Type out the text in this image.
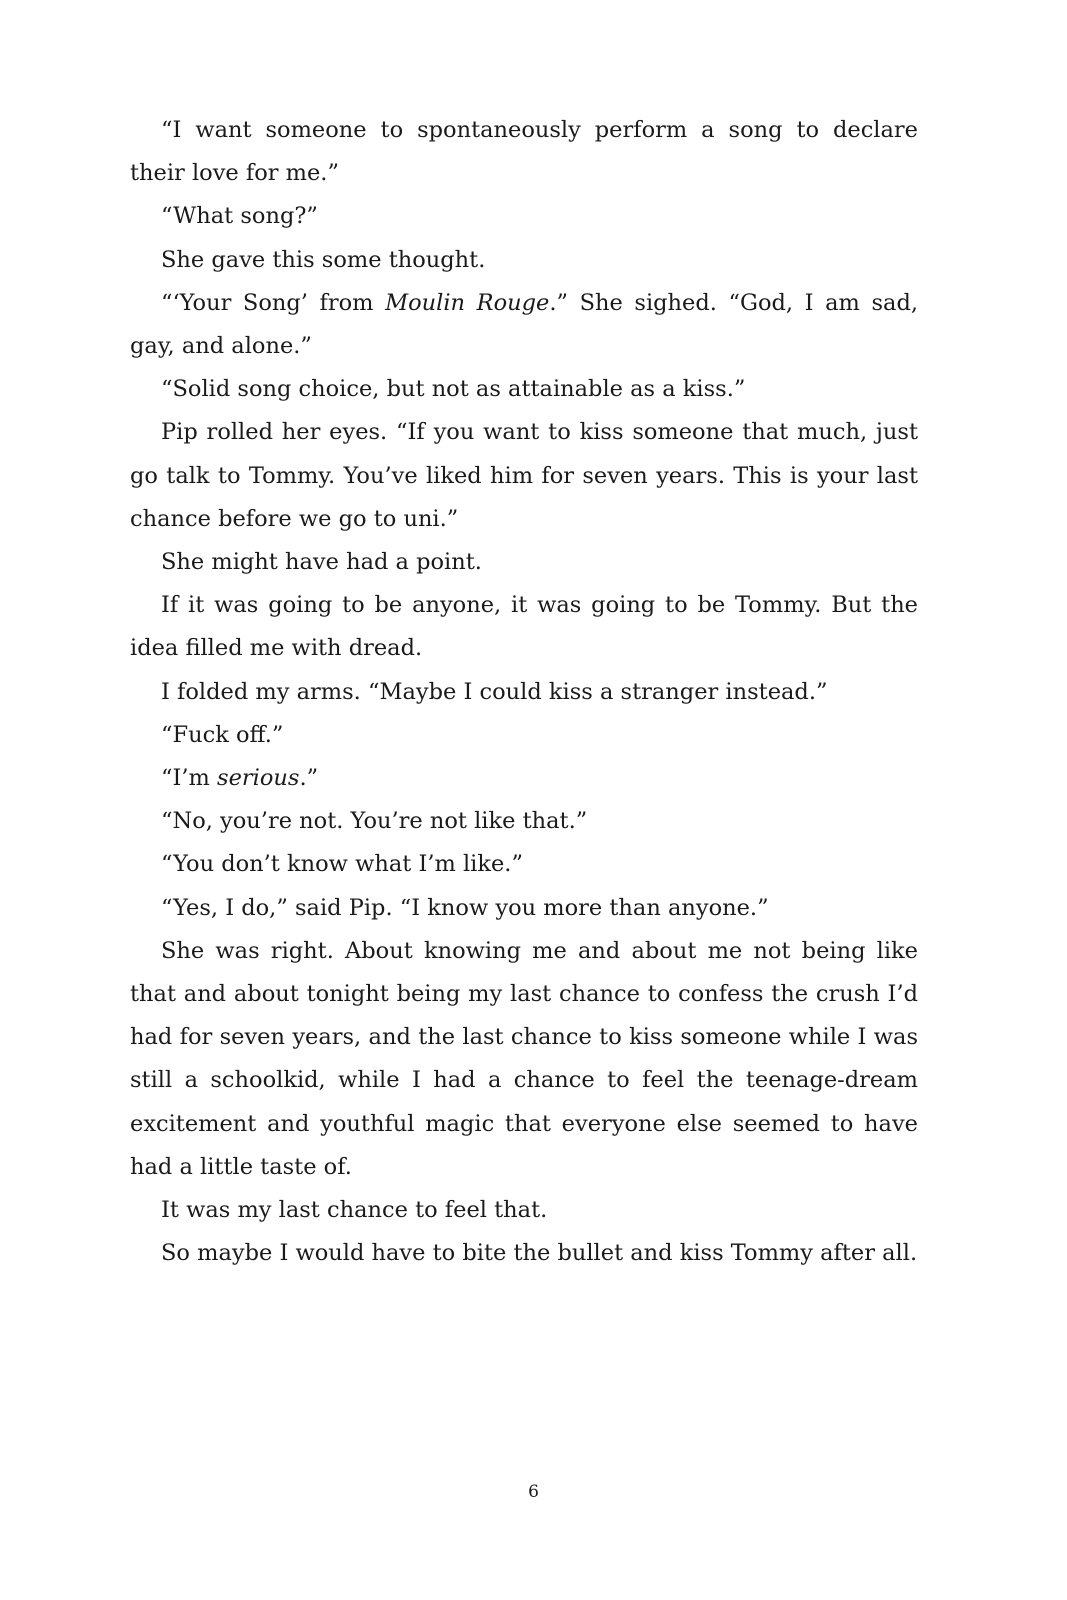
“I want someone to spontaneously perform a song to declare their love for me.”

“What song?”

She gave this some thought.

“‘Your Song’ from Moulin Rouge.” She sighed. “God, I am sad, gay, and alone.”

“Solid song choice, but not as attainable as a kiss.”

Pip rolled her eyes. “If you want to kiss someone that much, just go talk to Tommy. You’ve liked him for seven years. This is your last chance before we go to uni.”

She might have had a point.

If it was going to be anyone, it was going to be Tommy. But the idea filled me with dread.

I folded my arms. “Maybe I could kiss a stranger instead.”

“Fuck off.”

“I’m serious.”

“No, you’re not. You’re not like that.”

“You don’t know what I’m like.”

“Yes, I do,” said Pip. “I know you more than anyone.”

She was right. About knowing me and about me not being like that and about tonight being my last chance to confess the crush I’d had for seven years, and the last chance to kiss someone while I was still a schoolkid, while I had a chance to feel the teenage-dream excitement and youthful magic that everyone else seemed to have had a little taste of.

It was my last chance to feel that.

So maybe I would have to bite the bullet and kiss Tommy after all.

6
